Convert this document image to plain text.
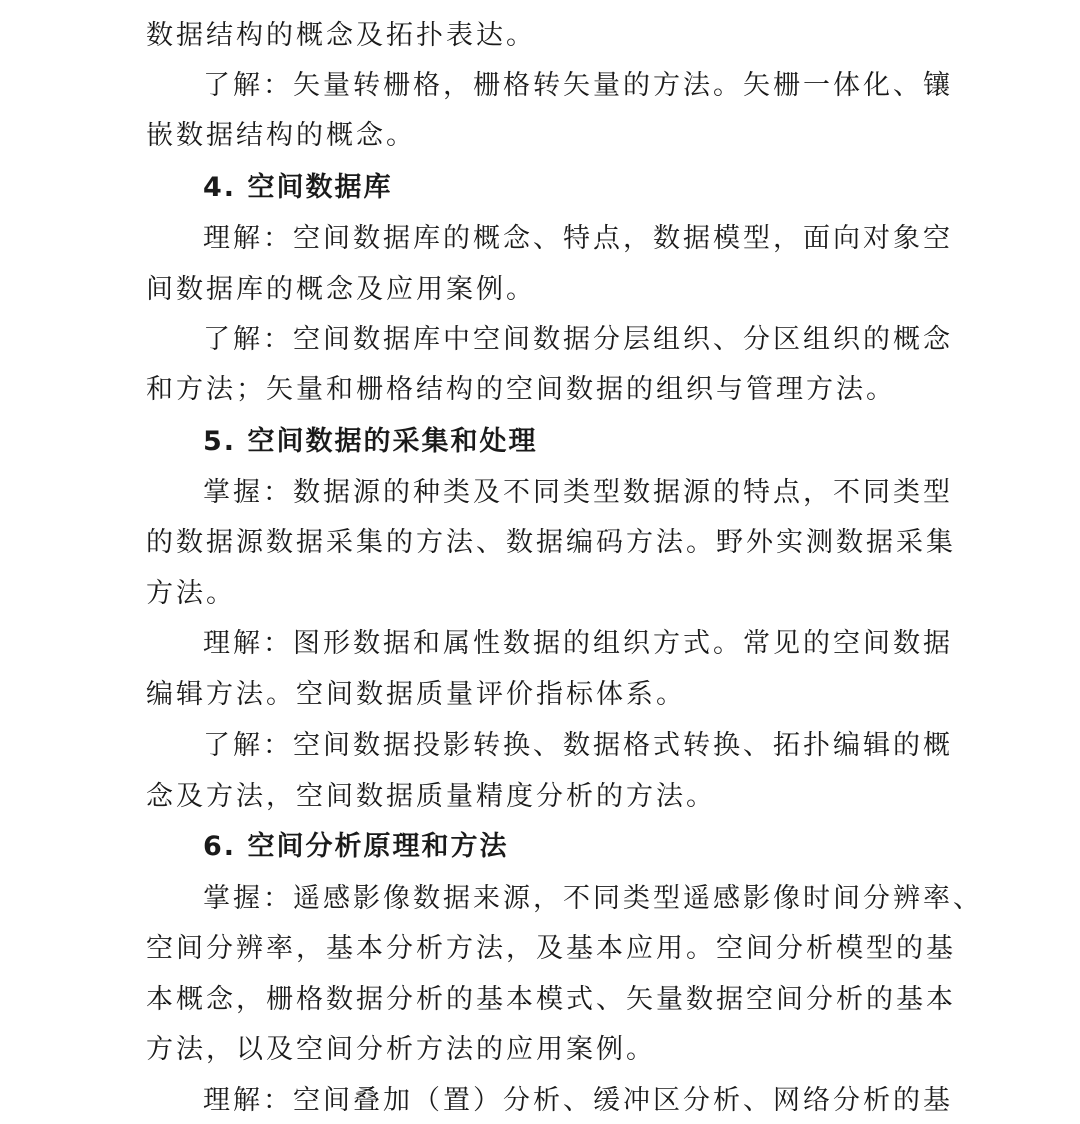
数据结构的概念及拓扑表达。
了解：矢量转栅格，栅格转矢量的方法。矢栅一体化、镶
嵌数据结构的概念。
4. 空间数据库
理解：空间数据库的概念、特点，数据模型，面向对象空
间数据库的概念及应用案例。
了解：空间数据库中空间数据分层组织、分区组织的概念
和方法；矢量和栅格结构的空间数据的组织与管理方法。
5. 空间数据的采集和处理
掌握：数据源的种类及不同类型数据源的特点，不同类型
的数据源数据采集的方法、数据编码方法。野外实测数据采集
方法。
理解：图形数据和属性数据的组织方式。常见的空间数据
编辑方法。空间数据质量评价指标体系。
了解：空间数据投影转换、数据格式转换、拓扑编辑的概
念及方法，空间数据质量精度分析的方法。
6. 空间分析原理和方法
掌握：遥感影像数据来源，不同类型遥感影像时间分辨率、
空间分辨率，基本分析方法，及基本应用。空间分析模型的基
本概念，栅格数据分析的基本模式、矢量数据空间分析的基本
方法，以及空间分析方法的应用案例。
理解：空间叠加（置）分析、缓冲区分析、网络分析的基
